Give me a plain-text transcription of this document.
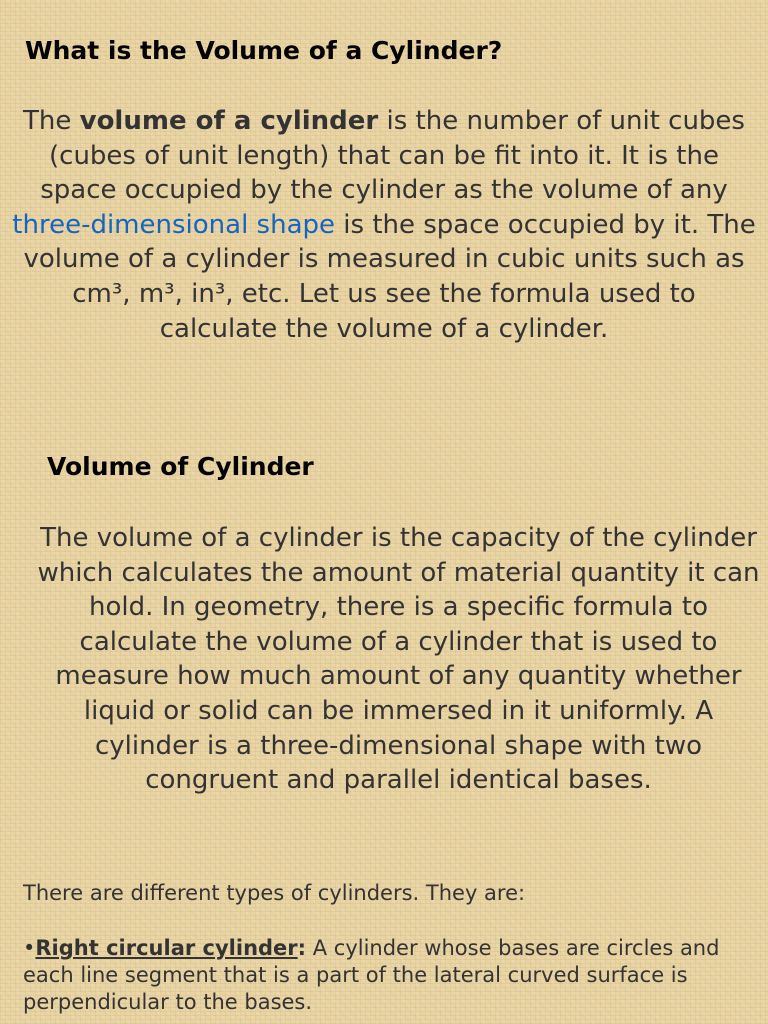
What is the Volume of a Cylinder?
The volume of a cylinder is the number of unit cubes (cubes of unit length) that can be fit into it. It is the space occupied by the cylinder as the volume of any three-dimensional shape is the space occupied by it. The volume of a cylinder is measured in cubic units such as cm³, m³, in³, etc. Let us see the formula used to calculate the volume of a cylinder.
Volume of Cylinder
The volume of a cylinder is the capacity of the cylinder which calculates the amount of material quantity it can hold. In geometry, there is a specific formula to calculate the volume of a cylinder that is used to measure how much amount of any quantity whether liquid or solid can be immersed in it uniformly. A cylinder is a three-dimensional shape with two congruent and parallel identical bases.
There are different types of cylinders. They are:
•Right circular cylinder: A cylinder whose bases are circles and each line segment that is a part of the lateral curved surface is perpendicular to the bases.
